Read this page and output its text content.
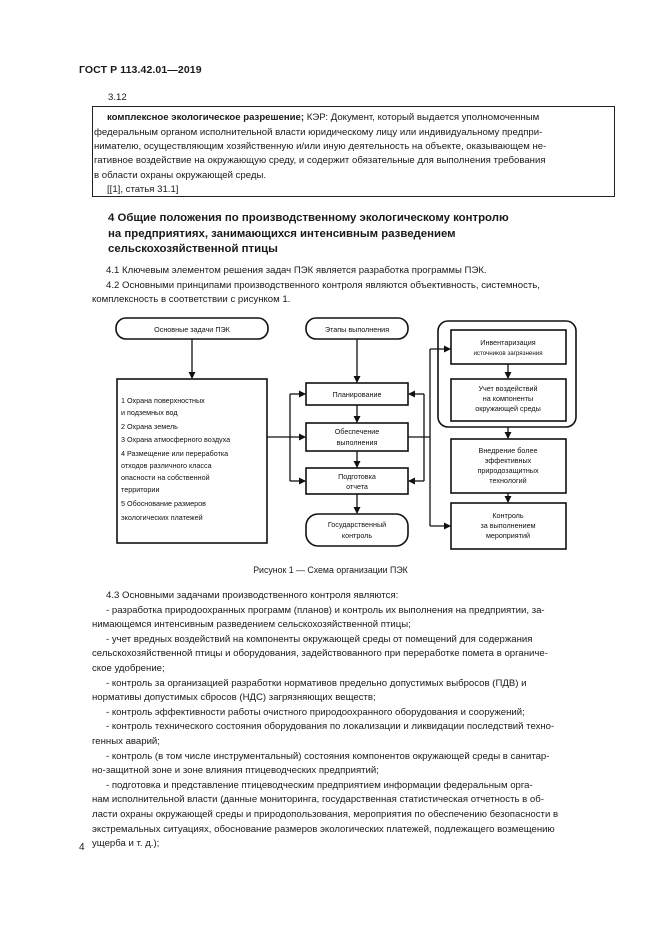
ГОСТ Р 113.42.01—2019
3.12
комплексное экологическое разрешение; КЭР: Документ, который выдается уполномоченным
федеральным органом исполнительной власти юридическому лицу или индивидуальному предпри-
нимателю, осуществляющим хозяйственную и/или иную деятельность на объекте, оказывающем не-
гативное воздействие на окружающую среду, и содержит обязательные для выполнения требования
в области охраны окружающей среды.
[[1], статья 31.1]
4 Общие положения по производственному экологическому контролю
на предприятиях, занимающихся интенсивным разведением
сельскохозяйственной птицы
4.1 Ключевым элементом решения задач ПЭК является разработка программы ПЭК.
4.2 Основными принципами производственного контроля являются объективность, системность,
комплексность в соответствии с рисунком 1.
Основные задачи ПЭК	Этапы выполнения
Планирование
Обеспечение
выполнения
Подготовка
отчета
Государственный
контроль
Инвентаризация
источников загрязнения
Учет воздействий
на компоненты
окружающей среды
Внедрение более
эффективных
природозащитных
технологий
Контроль
за выполнением
мероприятий
1 Охрана поверхностных
и подземных вод
2 Охрана земель
3 Охрана атмосферного воздуха
4 Размещение или переработка
отходов различного класса
опасности на собственной
территории
5 Обоснование размеров
экологических платежей
Рисунок 1 — Схема организации ПЭК
4.3 Основными задачами производственного контроля являются:
- разработка природоохранных программ (планов) и контроль их выполнения на предприятии, за-
нимающемся интенсивным разведением сельскохозяйственной птицы;
- учет вредных воздействий на компоненты окружающей среды от помещений для содержания
сельскохозяйственной птицы и оборудования, задействованного при переработке помета в органиче-
ское удобрение;
- контроль за организацией разработки нормативов предельно допустимых выбросов (ПДВ) и
нормативы допустимых сбросов (НДС) загрязняющих веществ;
- контроль эффективности работы очистного природоохранного оборудования и сооружений;
- контроль технического состояния оборудования по локализации и ликвидации последствий техно-
генных аварий;
- контроль (в том числе инструментальный) состояния компонентов окружающей среды в санитар-
но-защитной зоне и зоне влияния птицеводческих предприятий;
- подготовка и представление птицеводческим предприятием информации федеральным орга-
нам исполнительной власти (данные мониторинга, государственная статистическая отчетность в об-
ласти охраны окружающей среды и природопользования, мероприятия по обеспечению безопасности в
экстремальных ситуациях, обоснование размеров экологических платежей, подлежащего возмещению
ущерба и т. д.);
4
